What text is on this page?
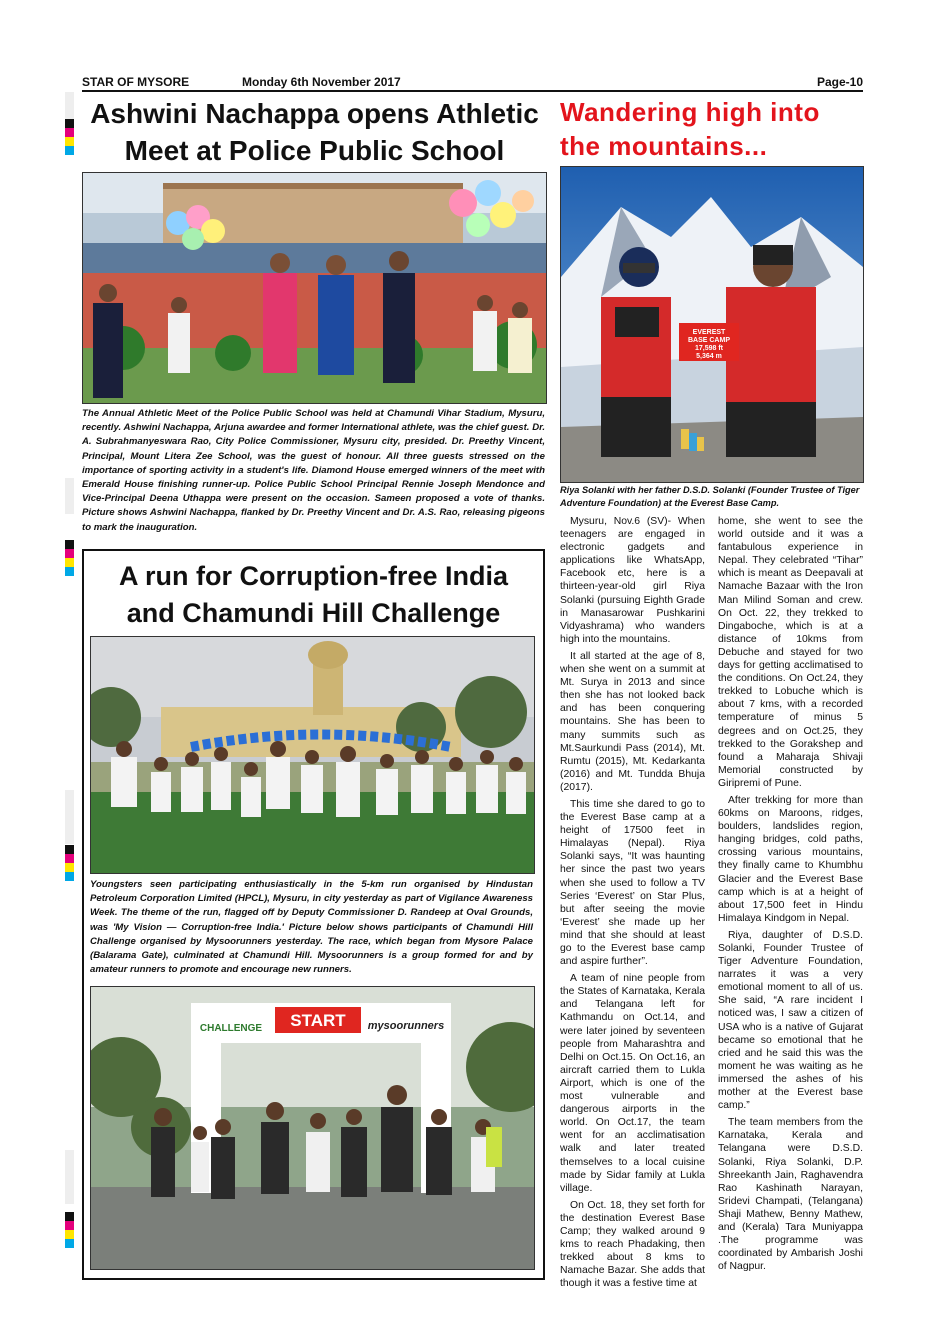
STAR OF MYSORE	Monday 6th November 2017	Page-10
Ashwini Nachappa opens Athletic
Meet at Police Public School
The Annual Athletic Meet of the Police Public School was held at Chamundi Vihar Stadium, Mysuru, recently. Ashwini Nachappa, Arjuna awardee and former International athlete, was the chief guest. Dr. A. Subrahmanyeswara Rao, City Police Commissioner, Mysuru city, presided. Dr. Preethy Vincent, Principal, Mount Litera Zee School, was the guest of honour. All three guests stressed on the importance of sporting activity in a student's life. Diamond House emerged winners of the meet with Emerald House finishing runner-up. Police Public School Principal Rennie Joseph Mendonce and Vice-Principal Deena Uthappa were present on the occasion. Sameen proposed a vote of thanks. Picture shows Ashwini Nachappa, flanked by Dr. Preethy Vincent and Dr. A.S. Rao, releasing pigeons to mark the inauguration.
A run for Corruption-free India
and Chamundi Hill Challenge
Youngsters seen participating enthusiastically in the 5-km run organised by Hindustan Petroleum Corporation Limited (HPCL), Mysuru, in city yesterday as part of Vigilance Awareness Week. The theme of the run, flagged off by Deputy Commissioner D. Randeep at Oval Grounds, was 'My Vision — Corruption-free India.' Picture below shows participants of Chamundi Hill Challenge organised by Mysoorunners yesterday. The race, which began from Mysore Palace (Balarama Gate), culminated at Chamundi Hill. Mysoorunners is a group formed for and by amateur runners to promote and encourage new runners.
START
CHALLENGE	mysoorunners
Wandering high into
the mountains...
EVEREST
BASE CAMP
17,598 ft
5,364 m
Riya Solanki with her father D.S.D. Solanki (Founder Trustee of Tiger Adventure Foundation) at the Everest Base Camp.

Mysuru, Nov.6 (SV)- When teenagers are engaged in electronic gadgets and applications like WhatsApp, Facebook etc, here is a thirteen-year-old girl Riya Solanki (pursuing Eighth Grade in Manasarowar Pushkarini Vidyashrama) who wanders high into the mountains.

It all started at the age of 8, when she went on a summit at Mt. Surya in 2013 and since then she has not looked back and has been conquering mountains. She has been to many summits such as Mt.Saurkundi Pass (2014), Mt. Rumtu (2015), Mt. Kedarkanta (2016) and Mt. Tundda Bhuja (2017).

This time she dared to go to the Everest Base camp at a height of 17500 feet in Himalayas (Nepal). Riya Solanki says, “It was haunting her since the past two years when she used to follow a TV Series ‘Everest’ on Star Plus, but after seeing the movie ‘Everest’ she made up her mind that she should at least go to the Everest base camp and aspire further”.

A team of nine people from the States of Karnataka, Kerala and Telangana left for Kathmandu on Oct.14, and were later joined by seventeen people from Maharashtra and Delhi on Oct.15. On Oct.16, an aircraft carried them to Lukla Airport, which is one of the most vulnerable and dangerous airports in the world. On Oct.17, the team went for an acclimatisation walk and later treated themselves to a local cuisine made by Sidar family at Lukla village.

On Oct. 18, they set forth for the destination Everest Base Camp; they walked around 9 kms to reach Phadaking, then trekked about 8 kms to Namache Bazar. She adds that though it was a festive time at

home, she went to see the world outside and it was a fantabulous experience in Nepal. They celebrated “Tihar” which is meant as Deepavali at Namache Bazaar with the Iron Man Milind Soman and crew. On Oct. 22, they trekked to Dingaboche, which is at a distance of 10kms from Debuche and stayed for two days for getting acclimatised to the conditions. On Oct.24, they trekked to Lobuche which is about 7 kms, with a recorded temperature of minus 5 degrees and on Oct.25, they trekked to the Gorakshep and found a Maharaja Shivaji Memorial constructed by Giripremi of Pune.

After trekking for more than 60kms on Maroons, ridges, boulders, landslides region, hanging bridges, cold paths, crossing various mountains, they finally came to Khumbhu Glacier and the Everest Base camp which is at a height of about 17,500 feet in Hindu Himalaya Kindgom in Nepal.

Riya, daughter of D.S.D. Solanki, Founder Trustee of Tiger Adventure Foundation, narrates it was a very emotional moment to all of us. She said, “A rare incident I noticed was, I saw a citizen of USA who is a native of Gujarat became so emotional that he cried and he said this was the moment he was waiting as he immersed the ashes of his mother at the Everest base camp.”

The team members from the Karnataka, Kerala and Telangana were D.S.D. Solanki, Riya Solanki, D.P. Shreekanth Jain, Raghavendra Rao Kashinath Narayan, Sridevi Champati, (Telangana) Shaji Mathew, Benny Mathew, and (Kerala) Tara Muniyappa .The programme was coordinated by Ambarish Joshi of Nagpur.
